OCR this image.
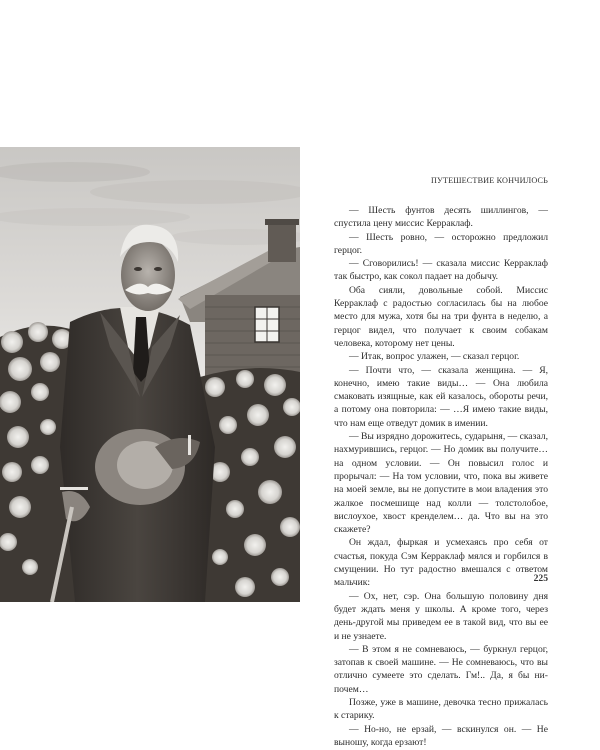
ПУТЕШЕСТВИЕ КОНЧИЛОСЬ

— Шесть фунтов десять шиллингов, — спустила цену миссис Керраклаф.

— Шесть ровно, — осторожно предложил герцог.

— Сговорились! — сказала миссис Керраклаф так быстро, как сокол падает на добычу.

Оба сияли, довольные собой. Миссис Керраклаф с радостью согласилась бы на любое место для мужа, хотя бы на три фунта в неделю, а герцог видел, что получает к своим собакам человека, которому нет цены.

— Итак, вопрос улажен, — сказал герцог.

— Почти что, — сказала женщина. — Я, конечно, имею такие виды… — Она любила смаковать изящные, как ей казалось, обороты речи, а потому она повторила: — …Я имею такие виды, что нам еще отведут домик в имении.

— Вы изрядно дорожитесь, сударыня, — сказал, нахмурившись, герцог. — Но домик вы получите… на одном условии. — Он повысил голос и прорычал: — На том условии, что, пока вы живете на моей земле, вы не допустите в мои владения это жалкое посмешище над колли — толстолобое, вислоухое, хвост кренделем… да. Что вы на это скажете?

Он ждал, фыркая и усмехаясь про себя от счастья, покуда Сэм Керраклаф мялся и горбился в смущении. Но тут радостно вмешался с ответом мальчик:

— Ох, нет, сэр. Она большую половину дня будет ждать меня у школы. А кроме того, через день-другой мы приведем ее в такой вид, что вы ее и не узнаете.

— В этом я не сомневаюсь, — буркнул герцог, затопав к своей машине. — Не сомневаюсь, что вы отлично сумеете это сделать. Гм!.. Да, я бы нипочем…

Позже, уже в машине, девочка тесно прижалась к старику.

— Но-но, не ерзай, — вскинулся он. — Не выношу, когда ерзают!

225
